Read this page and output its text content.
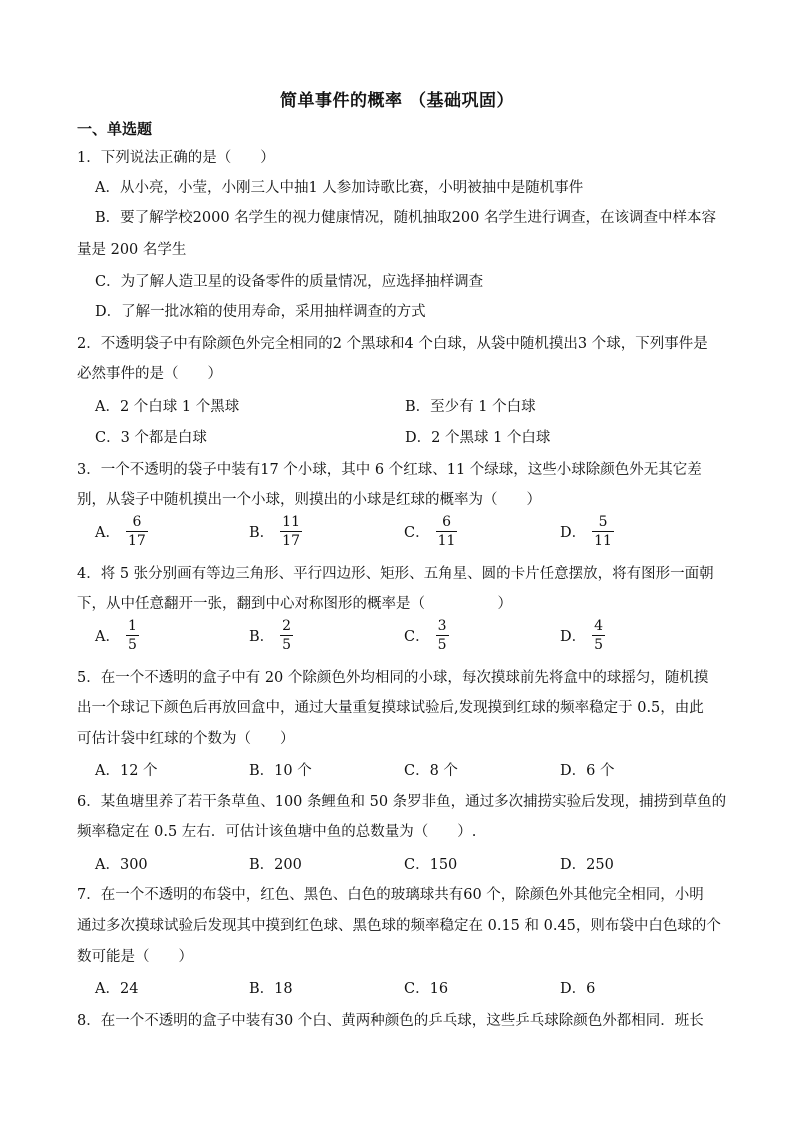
简单事件的概率 （基础巩固）
一、单选题
1．下列说法正确的是（　　）
A．从小亮，小莹，小刚三人中抽1 人参加诗歌比赛，小明被抽中是随机事件
B．要了解学校2000 名学生的视力健康情况，随机抽取200 名学生进行调查，在该调查中样本容
量是 200 名学生
C．为了解人造卫星的设备零件的质量情况，应选择抽样调查
D．了解一批冰箱的使用寿命，采用抽样调查的方式
2．不透明袋子中有除颜色外完全相同的2 个黑球和4 个白球，从袋中随机摸出3 个球，下列事件是
必然事件的是（　　）
A．2 个白球 1 个黑球	B．至少有 1 个白球
C．3 个都是白球	D．2 个黑球 1 个白球
3．一个不透明的袋子中装有17 个小球，其中 6 个红球、11 个绿球，这些小球除颜色外无其它差
别，从袋子中随机摸出一个小球，则摸出的小球是红球的概率为（　　）
A． $\frac{6}{17}$	B． $\frac{11}{17}$	C． $\frac{6}{11}$	D． $\frac{5}{11}$
4．将 5 张分别画有等边三角形、平行四边形、矩形、五角星、圆的卡片任意摆放，将有图形一面朝
下，从中任意翻开一张，翻到中心对称图形的概率是（　　　　　）
A． $\frac{1}{5}$	B． $\frac{2}{5}$	C． $\frac{3}{5}$	D． $\frac{4}{5}$
5．在一个不透明的盒子中有 20 个除颜色外均相同的小球，每次摸球前先将盒中的球摇匀，随机摸
出一个球记下颜色后再放回盒中，通过大量重复摸球试验后,发现摸到红球的频率稳定于 0.5，由此
可估计袋中红球的个数为（　　）
A．12 个	B．10 个	C．8 个	D．6 个
6．某鱼塘里养了若干条草鱼、100 条鲤鱼和 50 条罗非鱼，通过多次捕捞实验后发现，捕捞到草鱼的
频率稳定在 0.5 左右．可估计该鱼塘中鱼的总数量为（　　）.
A．300	B．200	C．150	D．250
7．在一个不透明的布袋中，红色、黑色、白色的玻璃球共有60 个，除颜色外其他完全相同，小明
通过多次摸球试验后发现其中摸到红色球、黑色球的频率稳定在 0.15 和 0.45，则布袋中白色球的个
数可能是（　　）
A．24	B．18	C．16	D．6
8．在一个不透明的盒子中装有30 个白、黄两种颜色的乒乓球，这些乒乓球除颜色外都相同．班长
